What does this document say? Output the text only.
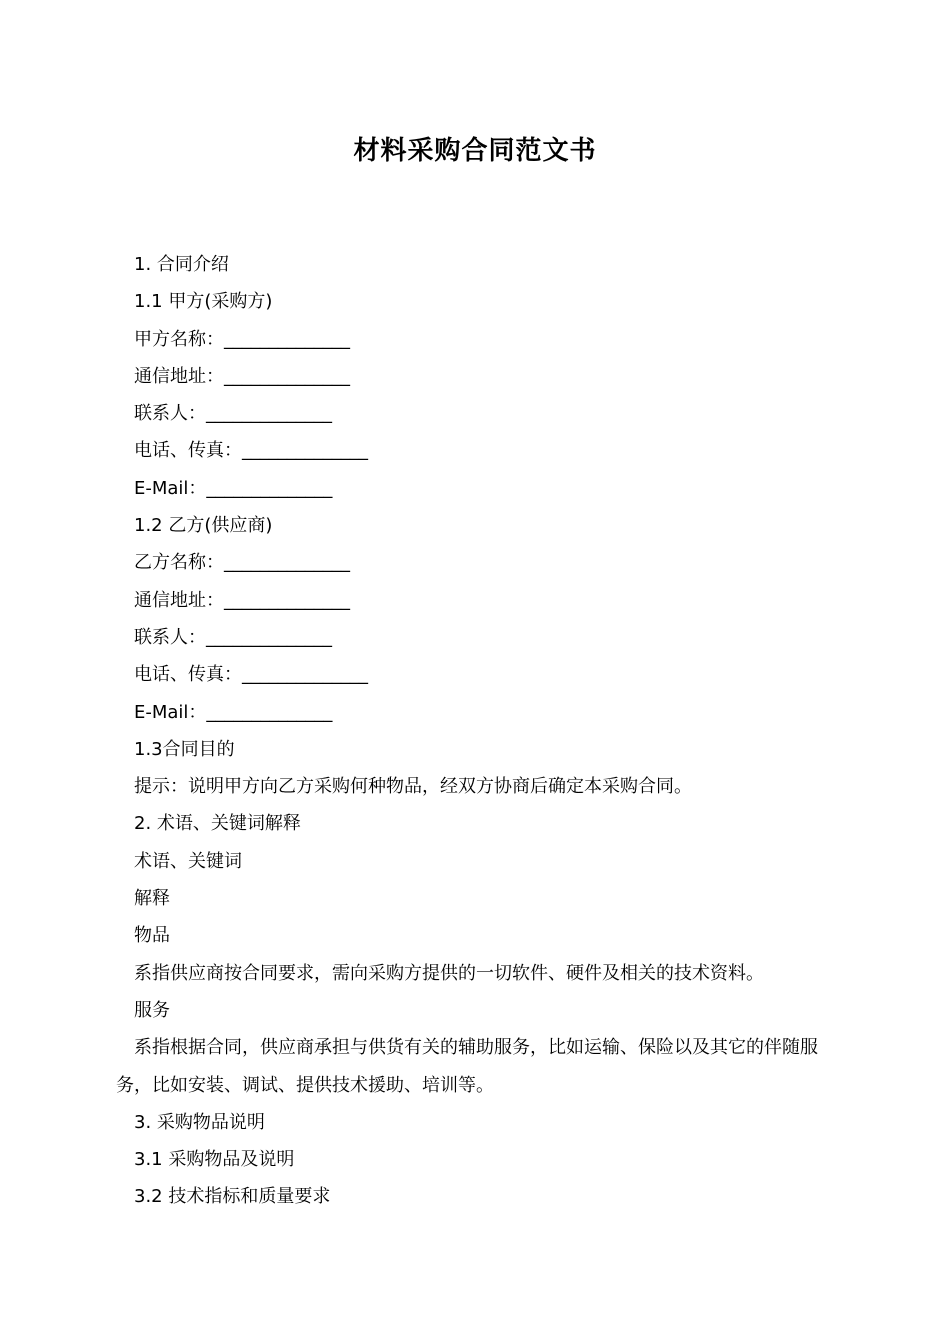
材料采购合同范文书
1. 合同介绍
1.1 甲方(采购方)
甲方名称：______________
通信地址：______________
联系人：______________
电话、传真：______________
E-Mail：______________
1.2 乙方(供应商)
乙方名称：______________
通信地址：______________
联系人：______________
电话、传真：______________
E-Mail：______________
1.3合同目的
提示：说明甲方向乙方采购何种物品，经双方协商后确定本采购合同。
2. 术语、关键词解释
术语、关键词
解释
物品
系指供应商按合同要求，需向采购方提供的一切软件、硬件及相关的技术资料。
服务
系指根据合同，供应商承担与供货有关的辅助服务，比如运输、保险以及其它的伴随服务，比如安装、调试、提供技术援助、培训等。
3. 采购物品说明
3.1 采购物品及说明
3.2 技术指标和质量要求
